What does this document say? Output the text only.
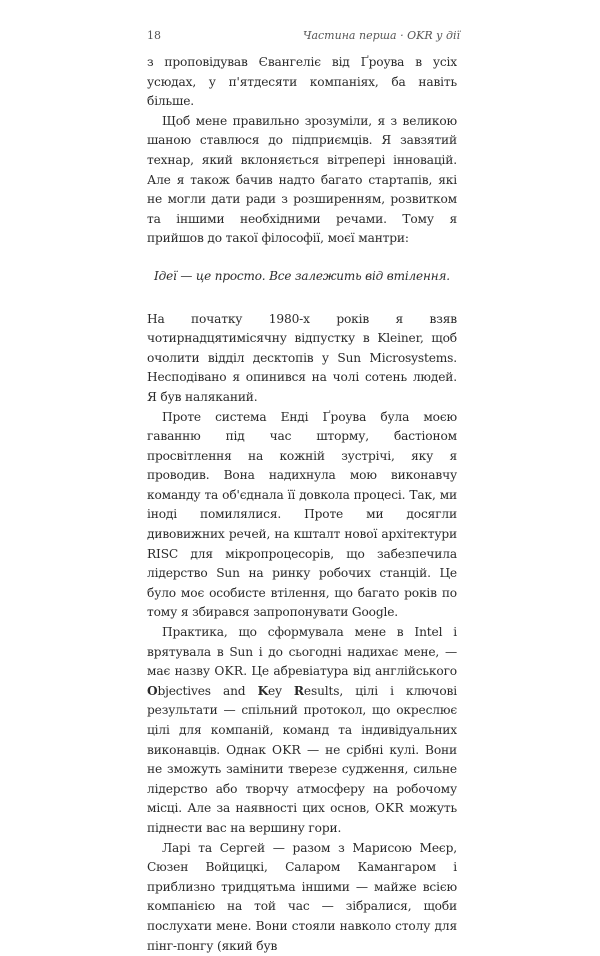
18	Частина перша · OKR у дії

з проповідував Євангеліє від Ґроува в усіх усюдах, у п'ятдесяти компаніях, ба навіть більше.

Щоб мене правильно зрозуміли, я з великою шаною ставлюся до підприємців. Я завзятий технар, який вклоняється вітрепері інновацій. Але я також бачив надто багато стартапів, які не могли дати ради з розширенням, розвитком та іншими необхідними речами. Тому я прийшов до такої філософії, моєї мантри:

Ідеї — це просто. Все залежить від втілення.

На початку 1980-х років я взяв чотирнадцятимісячну відпустку в Kleiner, щоб очолити відділ десктопів у Sun Microsystems. Несподівано я опинився на чолі сотень людей. Я був наляканий.

Проте система Енді Ґроува була моєю гаванню під час шторму, бастіоном просвітлення на кожній зустрічі, яку я проводив. Вона надихнула мою виконавчу команду та об'єднала її довкола процесі. Так, ми іноді помилялися. Проте ми досягли дивовижних речей, на кшталт нової архітектури RISC для мікропроцесорів, що забезпечила лідерство Sun на ринку робочих станцій. Це було моє особисте втілення, що багато років по тому я збирався запропонувати Google.

Практика, що сформувала мене в Intel і врятувала в Sun і до сьогодні надихає мене, — має назву OKR. Це абревіатура від англійського Objectives and Key Results, цілі і ключові результати — спільний протокол, що окреслює цілі для компаній, команд та індивідуальних виконавців. Однак OKR — не срібні кулі. Вони не зможуть замінити тверезе судження, сильне лідерство або творчу атмосферу на робочому місці. Але за наявності цих основ, OKR можуть піднести вас на вершину гори.

Ларі та Сергей — разом з Марисою Меєр, Сюзен Войцицкі, Саларом Камангаром і приблизно тридцятьма іншими — майже всією компанією на той час — зібралися, щоби послухати мене. Вони стояли навколо столу для пінг-понгу (який був
